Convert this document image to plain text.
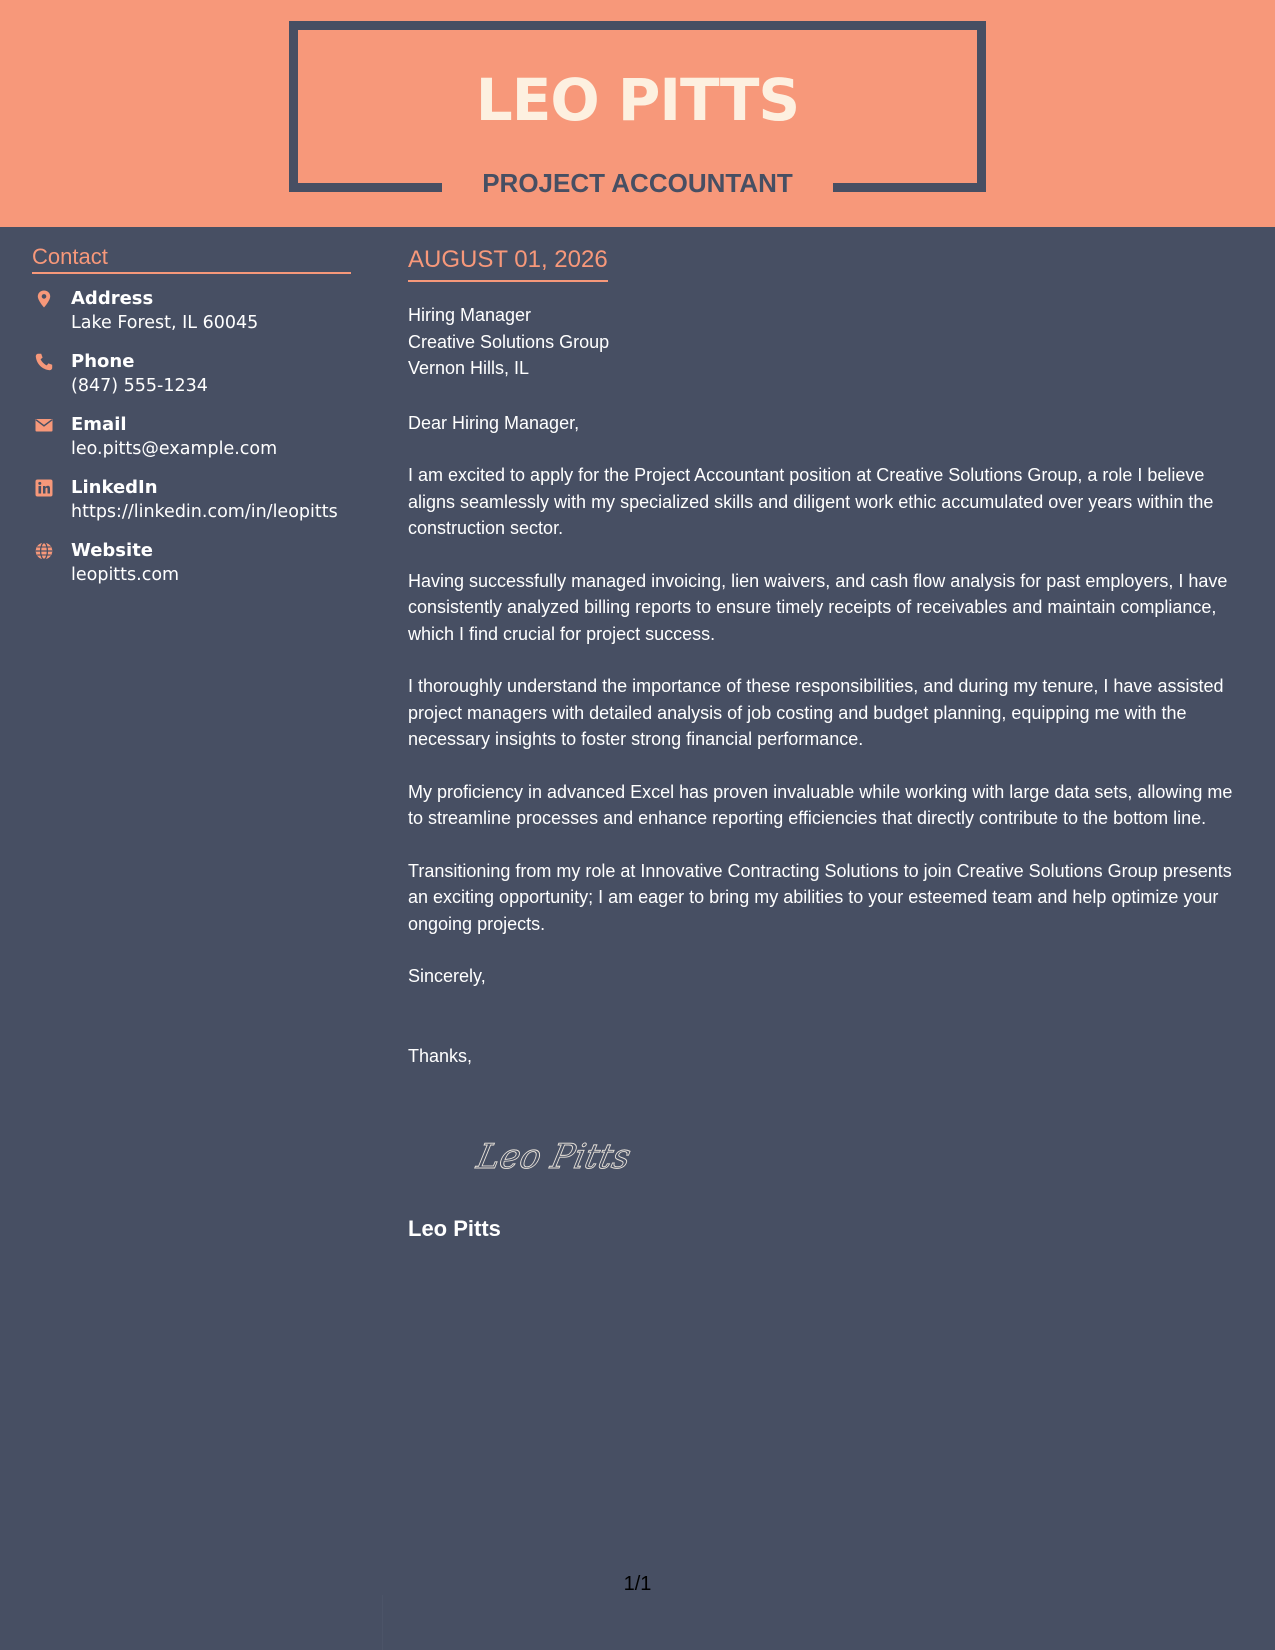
LEO PITTS
PROJECT ACCOUNTANT
Contact
Address
Lake Forest, IL 60045
Phone
(847) 555-1234
Email
leo.pitts@example.com
LinkedIn
https://linkedin.com/in/leopitts
Website
leopitts.com
AUGUST 01, 2026
Hiring Manager
Creative Solutions Group
Vernon Hills, IL
Dear Hiring Manager,
I am excited to apply for the Project Accountant position at Creative Solutions Group, a role I believe aligns seamlessly with my specialized skills and diligent work ethic accumulated over years within the construction sector.
Having successfully managed invoicing, lien waivers, and cash flow analysis for past employers, I have consistently analyzed billing reports to ensure timely receipts of receivables and maintain compliance, which I find crucial for project success.
I thoroughly understand the importance of these responsibilities, and during my tenure, I have assisted project managers with detailed analysis of job costing and budget planning, equipping me with the necessary insights to foster strong financial performance.
My proficiency in advanced Excel has proven invaluable while working with large data sets, allowing me to streamline processes and enhance reporting efficiencies that directly contribute to the bottom line.
Transitioning from my role at Innovative Contracting Solutions to join Creative Solutions Group presents an exciting opportunity; I am eager to bring my abilities to your esteemed team and help optimize your ongoing projects.
Sincerely,
Thanks,
Leo Pitts
Leo Pitts
1/1
